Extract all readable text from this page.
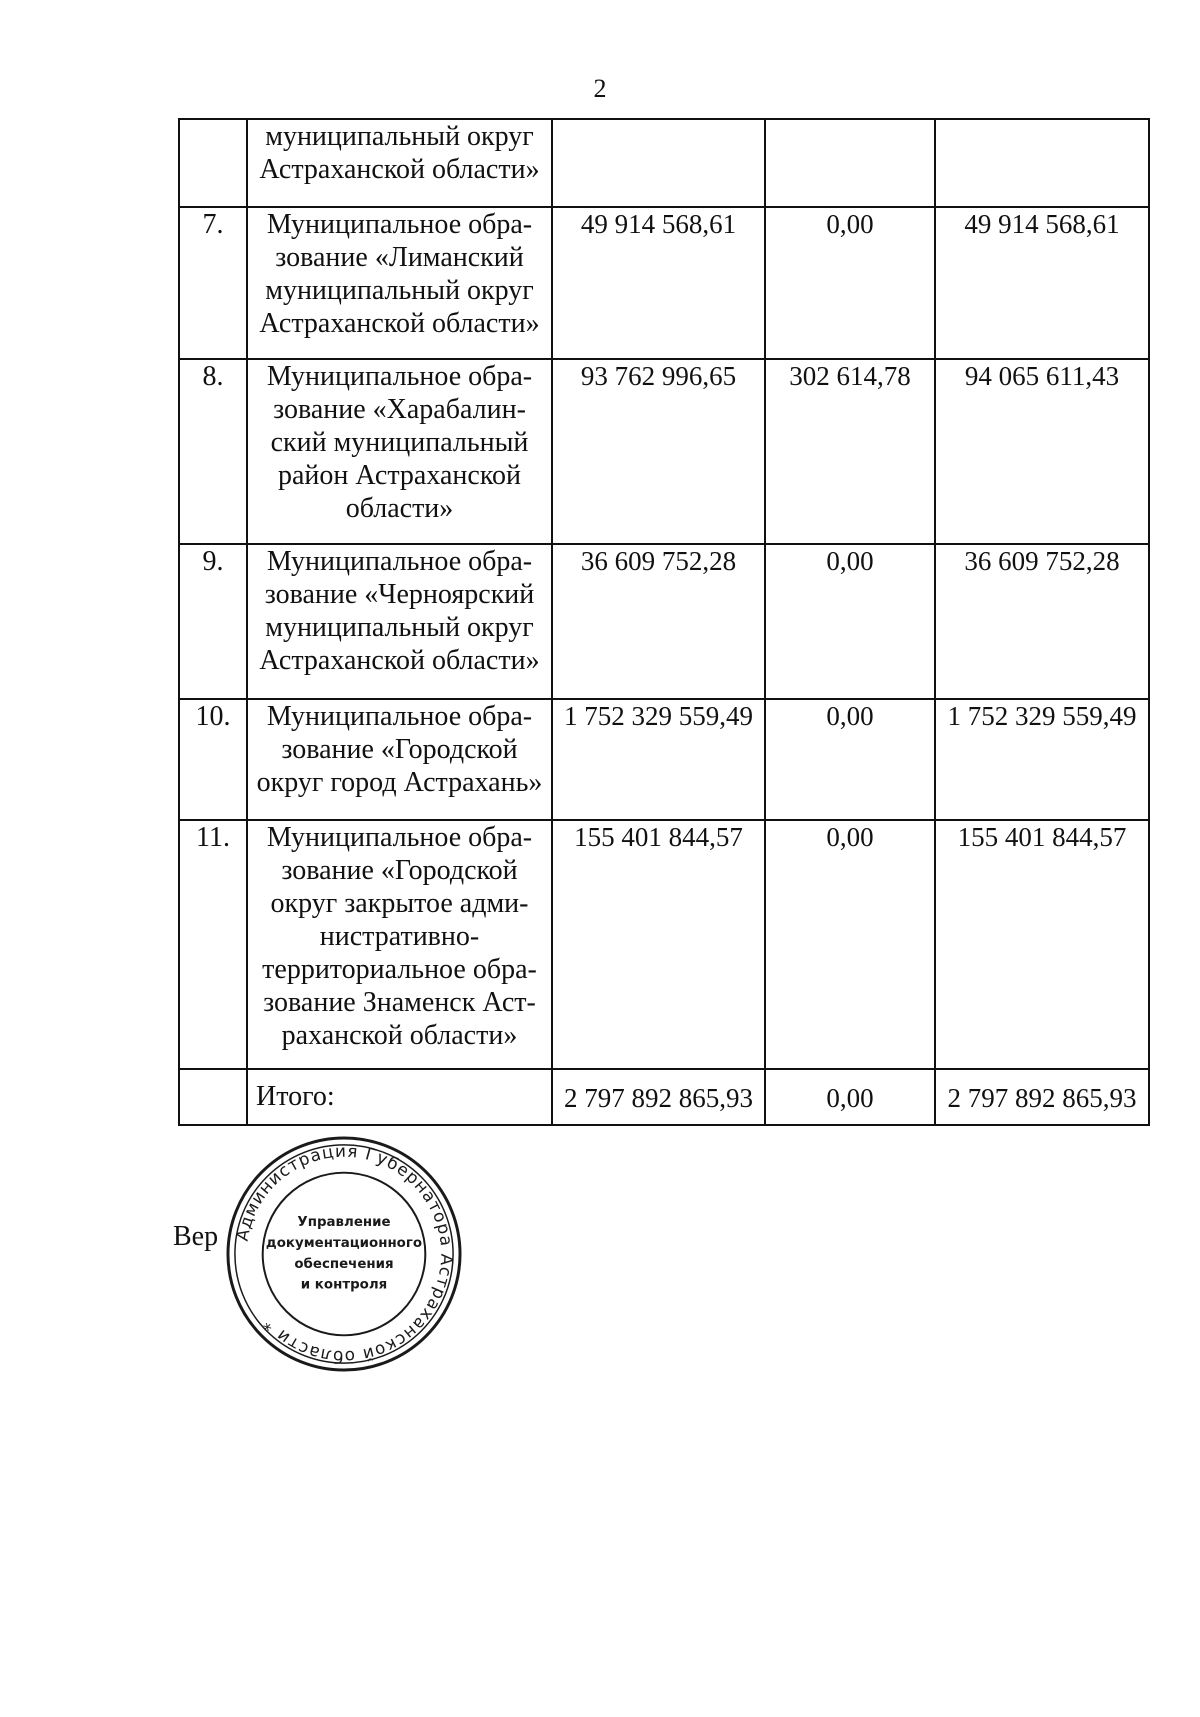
2
	муниципальный округ Астраханской области»			
7.	Муниципальное обра-зование «Лиманский муниципальный округ Астраханской области»	49 914 568,61	0,00	49 914 568,61
8.	Муниципальное обра-зование «Харабалин-ский муниципальный район Астраханской области»	93 762 996,65	302 614,78	94 065 611,43
9.	Муниципальное обра-зование «Черноярский муниципальный округ Астраханской области»	36 609 752,28	0,00	36 609 752,28
10.	Муниципальное обра-зование «Городской округ город Астрахань»	1 752 329 559,49	0,00	1 752 329 559,49
11.	Муниципальное обра-зование «Городской округ закрытое адми-нистративно-территориальное обра-зование Знаменск Аст-раханской области»	155 401 844,57	0,00	155 401 844,57
	Итого:	2 797 892 865,93	0,00	2 797 892 865,93
Вер Администрация Губернатора Астраханской области *
Управление
документационного
обеспечения
и контроля
